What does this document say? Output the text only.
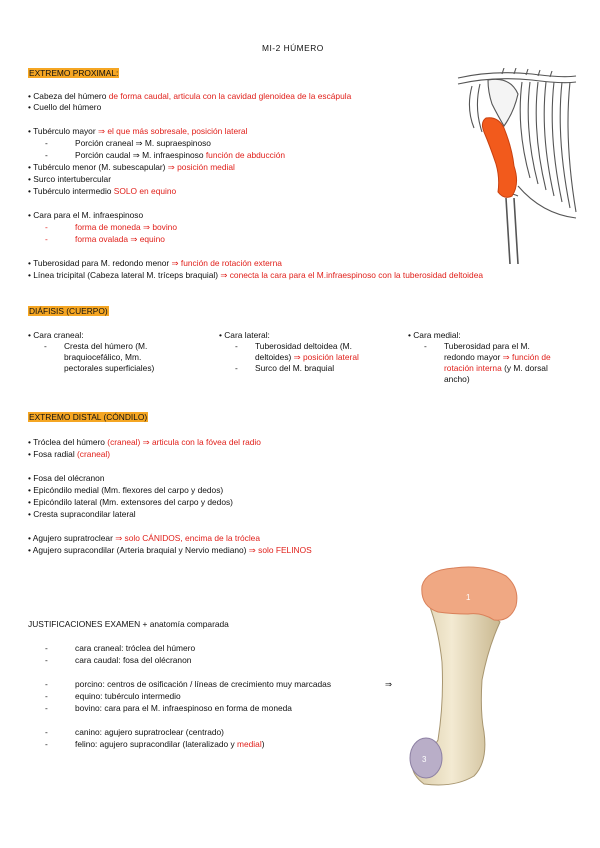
MI-2 HÚMERO
EXTREMO PROXIMAL:
• Cabeza del húmero de forma caudal, articula con la cavidad glenoidea de la escápula
• Cuello del húmero
• Tubérculo mayor ⇒ el que más sobresale, posición lateral
-	Porción craneal ⇒ M. supraespinoso
-	Porción caudal ⇒ M. infraespinoso función de abducción
• Tubérculo menor (M. subescapular) ⇒ posición medial
• Surco intertubercular
• Tubérculo intermedio SOLO en equino
• Cara para el M. infraespinoso
-	forma de moneda ⇒ bovino
-	forma ovalada ⇒ equino
• Tuberosidad para M. redondo menor ⇒ función de rotación externa
• Línea tricipital (Cabeza lateral M. tríceps braquial) ⇒ conecta la cara para el M.infraespinoso con la tuberosidad deltoidea
DIÁFISIS (CUERPO)
• Cara craneal:
- Cresta del húmero (M.
braquiocefálico, Mm.
pectorales superficiales)
• Cara lateral:
- Tuberosidad deltoidea (M.
deltoides) ⇒ posición lateral
- Surco del M. braquial
• Cara medial:
- Tuberosidad para el M.
redondo mayor ⇒ función de
rotación interna (y M. dorsal
ancho)
EXTREMO DISTAL (CÓNDILO)
• Tróclea del húmero (craneal) ⇒ articula con la fóvea del radio
• Fosa radial (craneal)
• Fosa del olécranon
• Epicóndilo medial (Mm. flexores del carpo y dedos)
• Epicóndilo lateral (Mm. extensores del carpo y dedos)
• Cresta supracondilar lateral
• Agujero supratroclear ⇒ solo CÁNIDOS, encima de la tróclea
• Agujero supracondilar (Arteria braquial y Nervio mediano) ⇒ solo FELINOS
JUSTIFICACIONES EXAMEN + anatomía comparada
-	cara craneal: tróclea del húmero
-	cara caudal: fosa del olécranon
-	porcino: centros de osificación / líneas de crecimiento muy marcadas	⇒
-	equino: tubérculo intermedio
-	bovino: cara para el M. infraespinoso en forma de moneda
-	canino: agujero supratroclear (centrado)
-	felino: agujero supracondilar (lateralizado y medial)
1
3
